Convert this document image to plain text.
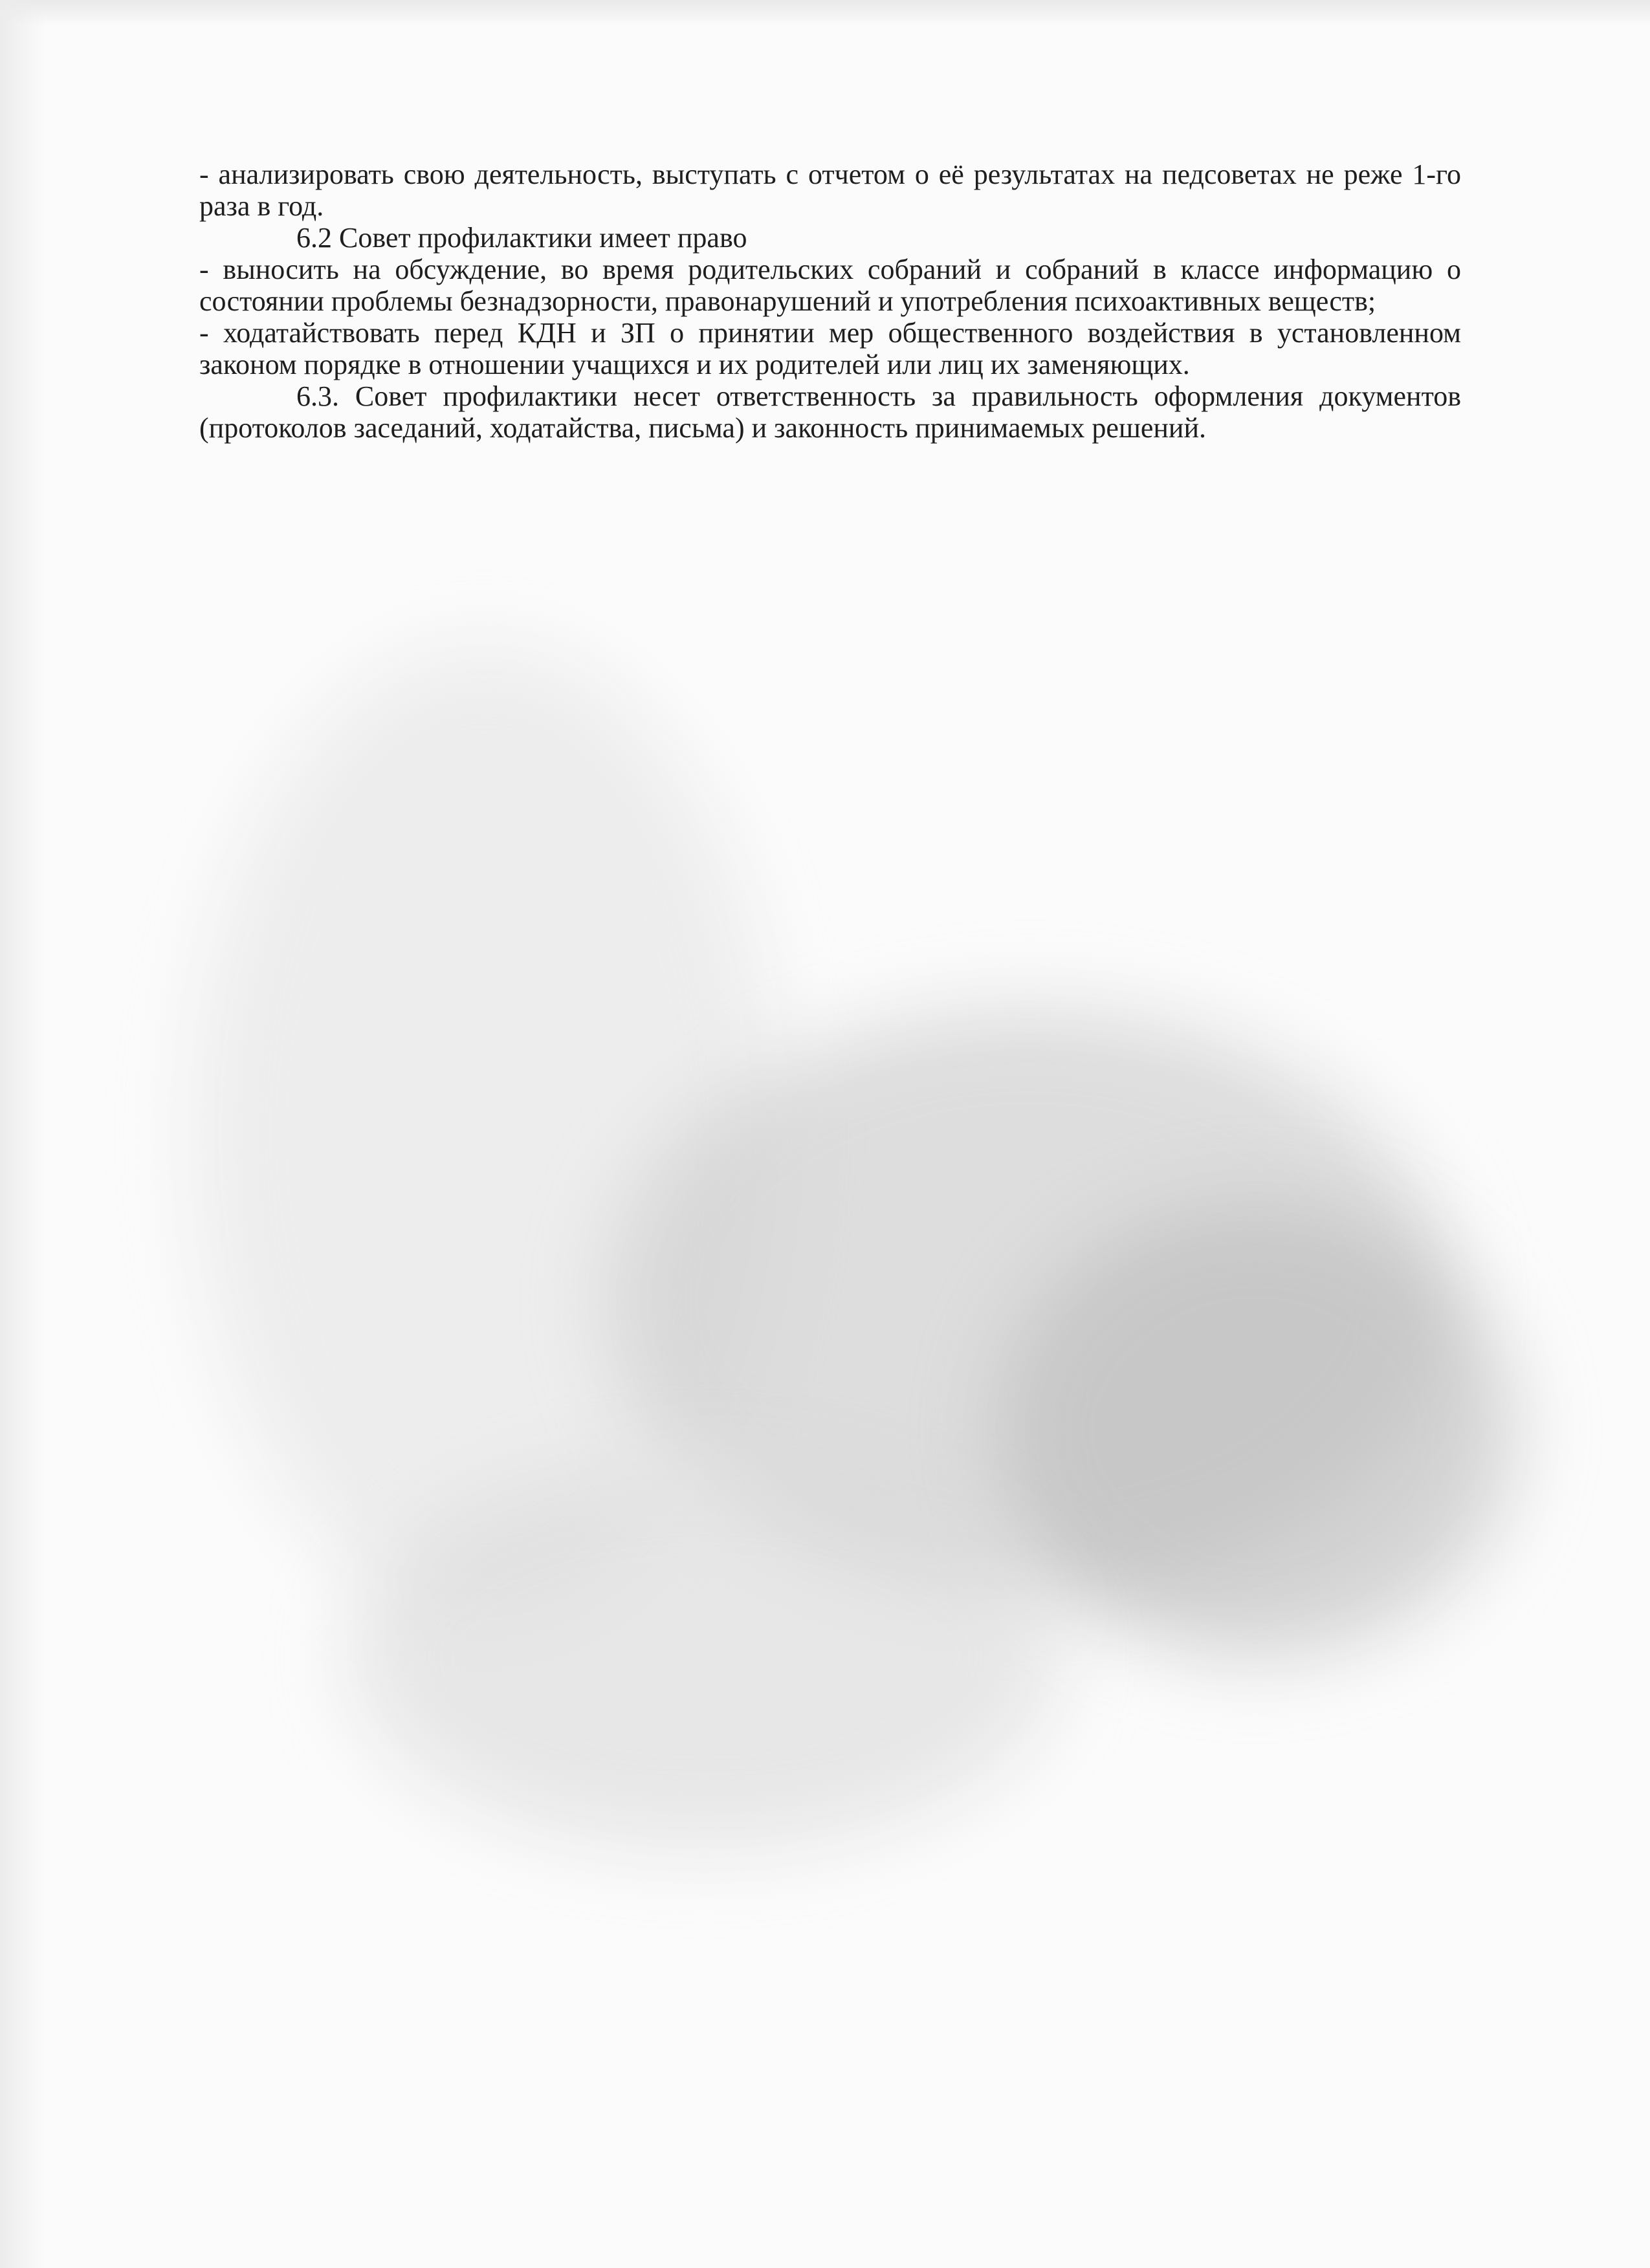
- анализировать свою деятельность, выступать с отчетом о её результатах на педсоветах не реже 1-го раза в год.

6.2 Совет профилактики имеет право

- выносить на обсуждение, во время родительских собраний и собраний в классе информацию о состоянии проблемы безнадзорности, правонарушений и употребления психоактивных веществ;

- ходатайствовать перед КДН и ЗП о принятии мер общественного воздействия в установленном законом порядке в отношении учащихся и их родителей или лиц их заменяющих.

6.3. Совет профилактики несет ответственность за правильность оформления документов (протоколов заседаний, ходатайства, письма) и законность принимаемых решений.
